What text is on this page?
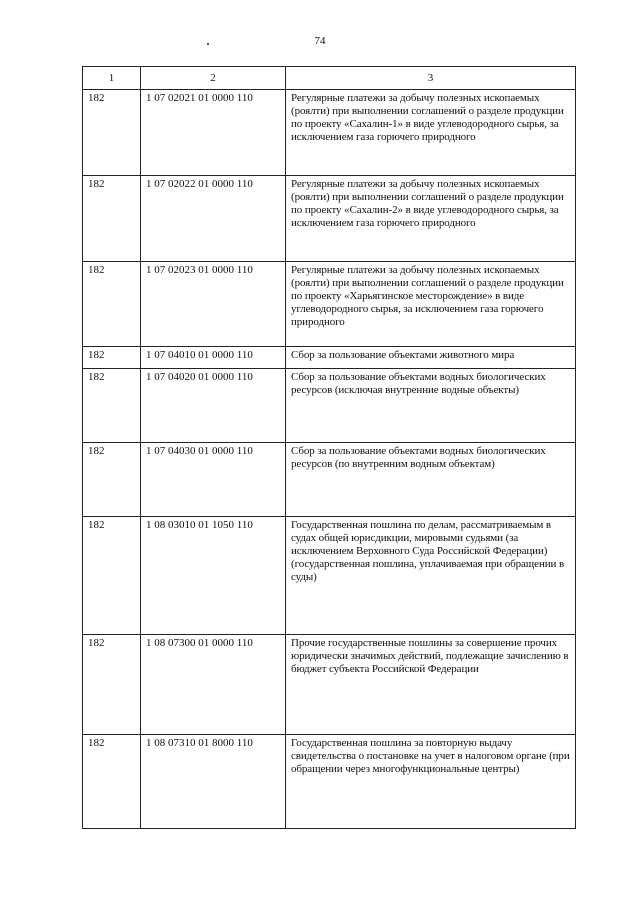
74
1	2	3
182	1 07 02021 01 0000 110	Регулярные платежи за добычу полезных ископаемых (роялти) при выполнении соглашений о разделе продукции по проекту «Сахалин-1» в виде углеводородного сырья, за исключением газа горючего природного
182	1 07 02022 01 0000 110	Регулярные платежи за добычу полезных ископаемых (роялти) при выполнении соглашений о разделе продукции по проекту «Сахалин-2» в виде углеводородного сырья, за исключением газа горючего природного
182	1 07 02023 01 0000 110	Регулярные платежи за добычу полезных ископаемых (роялти) при выполнении соглашений о разделе продукции по проекту «Харьягинское месторождение» в виде углеводородного сырья, за исключением газа горючего природного
182	1 07 04010 01 0000 110	Сбор за пользование объектами животного мира
182	1 07 04020 01 0000 110	Сбор за пользование объектами водных биологических ресурсов (исключая внутренние водные объекты)
182	1 07 04030 01 0000 110	Сбор за пользование объектами водных биологических ресурсов (по внутренним водным объектам)
182	1 08 03010 01 1050 110	Государственная пошлина по делам, рассматриваемым в судах общей юрисдикции, мировыми судьями (за исключением Верховного Суда Российской Федерации) (государственная пошлина, уплачиваемая при обращении в суды)
182	1 08 07300 01 0000 110	Прочие государственные пошлины за совершение прочих юридически значимых действий, подлежащие зачислению в бюджет субъекта Российской Федерации
182	1 08 07310 01 8000 110	Государственная пошлина за повторную выдачу свидетельства о постановке на учет в налоговом органе (при обращении через многофункциональные центры)
